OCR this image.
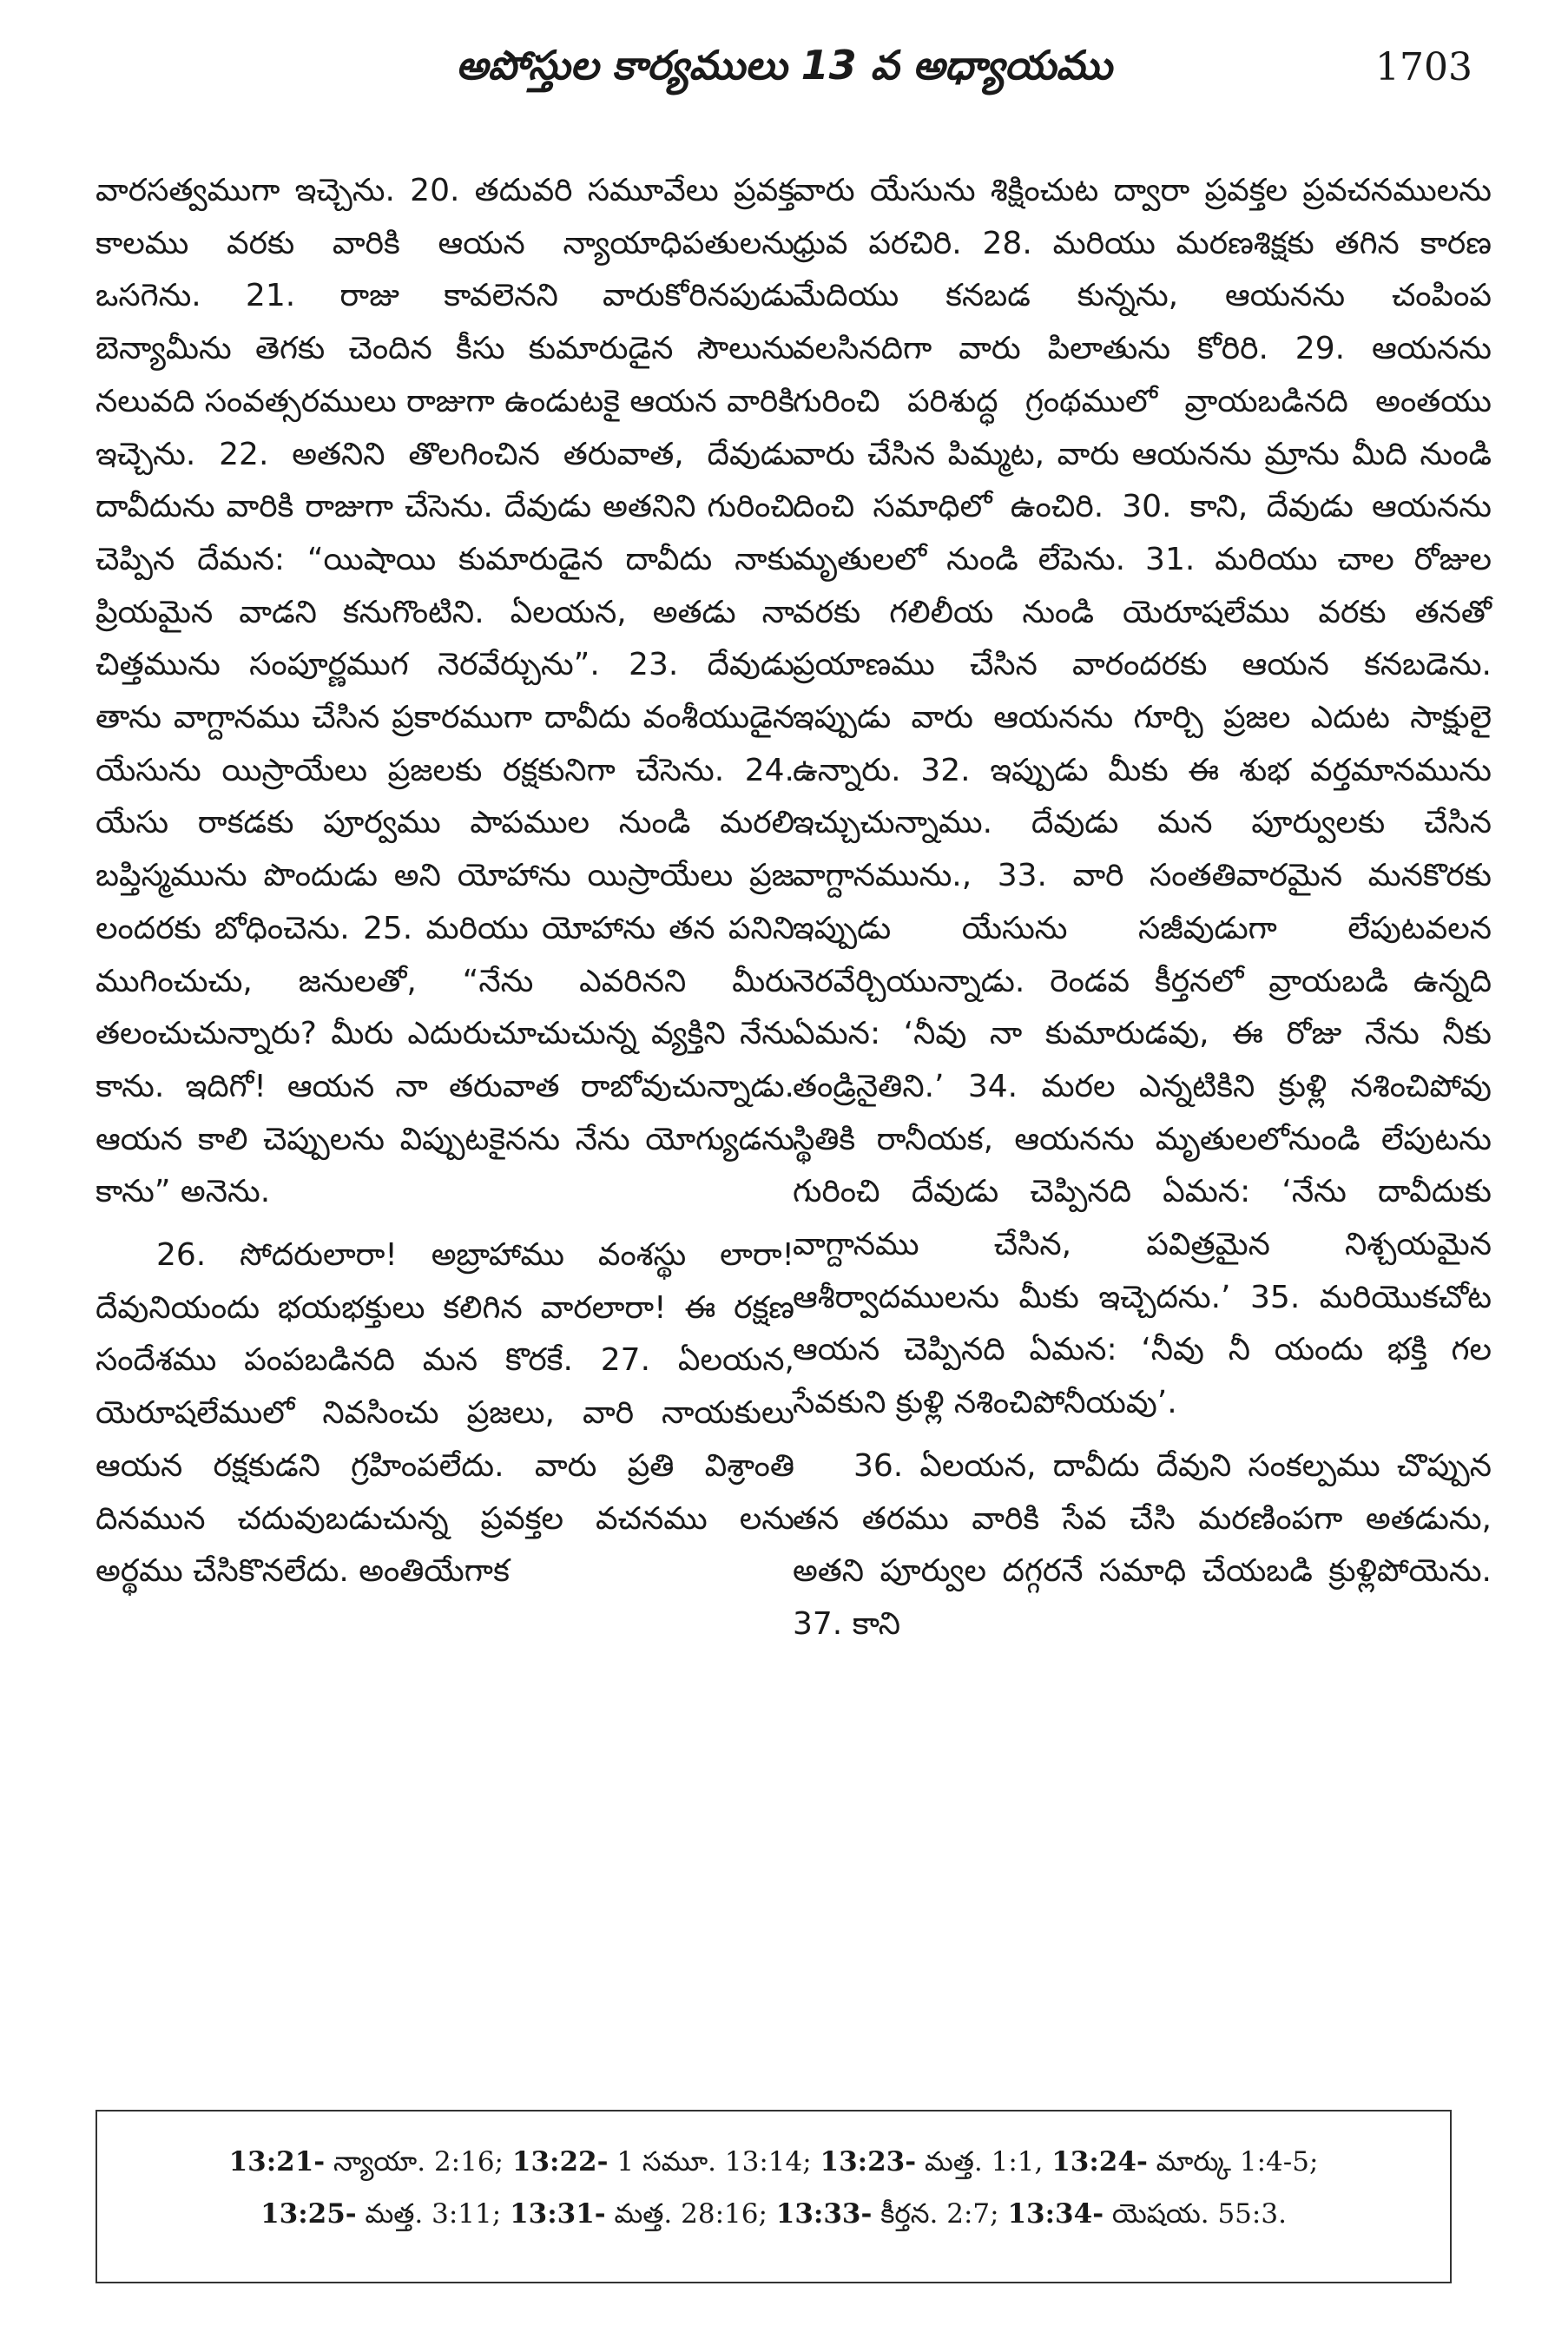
అపోస్తుల కార్యములు 13 వ అధ్యాయము	1703

వారసత్వముగా ఇచ్చెను. 20. తదువరి సమూవేలు ప్రవక్త కాలము వరకు వారికి ఆయన న్యాయాధిపతులను ఒసగెను. 21. రాజు కావలెనని వారుకోరినపుడు బెన్యామీను తెగకు చెందిన కీసు కుమారుడైన సౌలును నలువది సంవత్సరములు రాజుగా ఉండుటకై ఆయన వారికి ఇచ్చెను. 22. అతనిని తొలగించిన తరువాత, దేవుడు దావీదును వారికి రాజుగా చేసెను. దేవుడు అతనిని గురించి చెప్పిన దేమన: “యిషాయి కుమారుడైన దావీదు నాకు ప్రియమైన వాడని కనుగొంటిని. ఏలయన, అతడు నా చిత్తమును సంపూర్ణముగ నెరవేర్చును”. 23. దేవుడు తాను వాగ్దానము చేసిన ప్రకారముగా దావీదు వంశీయుడైన యేసును యిస్రాయేలు ప్రజలకు రక్షకునిగా చేసెను. 24. యేసు రాకడకు పూర్వము పాపముల నుండి మరలి బప్తిస్మమును పొందుడు అని యోహాను యిస్రాయేలు ప్రజ లందరకు బోధించెను. 25. మరియు యోహాను తన పనిని ముగించుచు, జనులతో, “నేను ఎవరినని మీరు తలంచుచున్నారు? మీరు ఎదురుచూచుచున్న వ్యక్తిని నేను కాను. ఇదిగో! ఆయన నా తరువాత రాబోవుచున్నాడు. ఆయన కాలి చెప్పులను విప్పుటకైనను నేను యోగ్యుడను కాను” అనెను.

26. సోదరులారా! అబ్రాహాము వంశస్థు లారా! దేవునియందు భయభక్తులు కలిగిన వారలారా! ఈ రక్షణ సందేశము పంపబడినది మన కొరకే. 27. ఏలయన, యెరూషలేములో నివసించు ప్రజలు, వారి నాయకులు ఆయన రక్షకుడని గ్రహింపలేదు. వారు ప్రతి విశ్రాంతి దినమున చదువుబడుచున్న ప్రవక్తల వచనము లను అర్థము చేసికొనలేదు. అంతియేగాక

వారు యేసును శిక్షించుట ద్వారా ప్రవక్తల ప్రవచనములను ధ్రువ పరచిరి. 28. మరియు మరణశిక్షకు తగిన కారణ మేదియు కనబడ కున్నను, ఆయనను చంపింప వలసినదిగా వారు పిలాతును కోరిరి. 29. ఆయనను గురించి పరిశుద్ధ గ్రంథములో వ్రాయబడినది అంతయు వారు చేసిన పిమ్మట, వారు ఆయనను మ్రాను మీది నుండి దించి సమాధిలో ఉంచిరి. 30. కాని, దేవుడు ఆయనను మృతులలో నుండి లేపెను. 31. మరియు చాల రోజుల వరకు గలిలీయ నుండి యెరూషలేము వరకు తనతో ప్రయాణము చేసిన వారందరకు ఆయన కనబడెను. ఇప్పుడు వారు ఆయనను గూర్చి ప్రజల ఎదుట సాక్షులై ఉన్నారు. 32. ఇప్పుడు మీకు ఈ శుభ వర్తమానమును ఇచ్చుచున్నాము. దేవుడు మన పూర్వులకు చేసిన వాగ్దానమును., 33. వారి సంతతివారమైన మనకొరకు ఇప్పుడు యేసును సజీవుడుగా లేపుటవలన నెరవేర్చియున్నాడు. రెండవ కీర్తనలో వ్రాయబడి ఉన్నది ఏమన: ‘నీవు నా కుమారుడవు, ఈ రోజు నేను నీకు తండ్రినైతిని.’ 34. మరల ఎన్నటికిని క్రుళ్లి నశించిపోవు స్థితికి రానీయక, ఆయనను మృతులలోనుండి లేపుటను గురించి దేవుడు చెప్పినది ఏమన: ‘నేను దావీదుకు వాగ్దానము చేసిన, పవిత్రమైన నిశ్చయమైన ఆశీర్వాదములను మీకు ఇచ్చెదను.’ 35. మరియొకచోట ఆయన చెప్పినది ఏమన: ‘నీవు నీ యందు భక్తి గల సేవకుని క్రుళ్లి నశించిపోనీయవు’.

36. ఏలయన, దావీదు దేవుని సంకల్పము చొప్పున తన తరము వారికి సేవ చేసి మరణింపగా అతడును, అతని పూర్వుల దగ్గరనే సమాధి చేయబడి క్రుళ్లిపోయెను. 37. కాని

13:21- న్యాయా. 2:16; 13:22- 1 సమూ. 13:14; 13:23- మత్త. 1:1, 13:24- మార్కు 1:4-5;
13:25- మత్త. 3:11; 13:31- మత్త. 28:16; 13:33- కీర్తన. 2:7; 13:34- యెషయ. 55:3.
